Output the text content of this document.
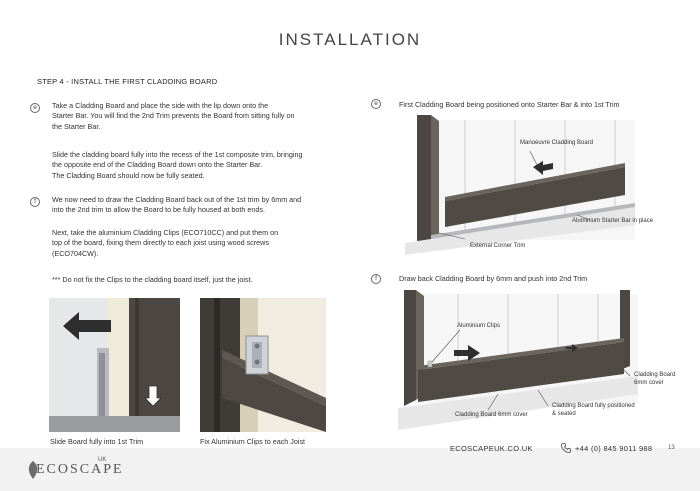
INSTALLATION
STEP 4 - INSTALL THE FIRST CLADDING BOARD
e	Take a Cladding Board and place the side with the lip down onto the
Starter Bar. You will find the 2nd Trim prevents the Board from sitting fully on
the Starter Bar.
Slide the cladding board fully into the recess of the 1st composite trim, bringing
the opposite end of the Cladding Board down onto the Starter Bar.
The Cladding Board should now be fully seated.
f	We now need to draw the Cladding Board back out of the 1st trim by 6mm and
into the 2nd trim to allow the Board to be fully housed at both ends.
Next, take the aluminium Cladding Clips (ECO710CC) and put them on
top of the board, fixing them directly to each joist using wood screws
(ECO704CW).
*** Do not fix the Clips to the cladding board itself, just the joist.
Slide Board fully into 1st Trim	Fix Aluminium Clips to each Joist
e	First Cladding Board being positioned onto Starter Bar & into 1st Trim
Manoeuvre Cladding Board
Aluminium Starter Bar in place
External Corner Trim
f	Draw back Cladding Board by 6mm and push into 2nd Trim
Aluminium Clips
Cladding Board
6mm cover
Cladding Board 6mm cover
Cladding Board fully positioned
& seated
ECOSCAPE
UK
ECOSCAPEUK.CO.UK	+44 (0) 845 9011 988	13
